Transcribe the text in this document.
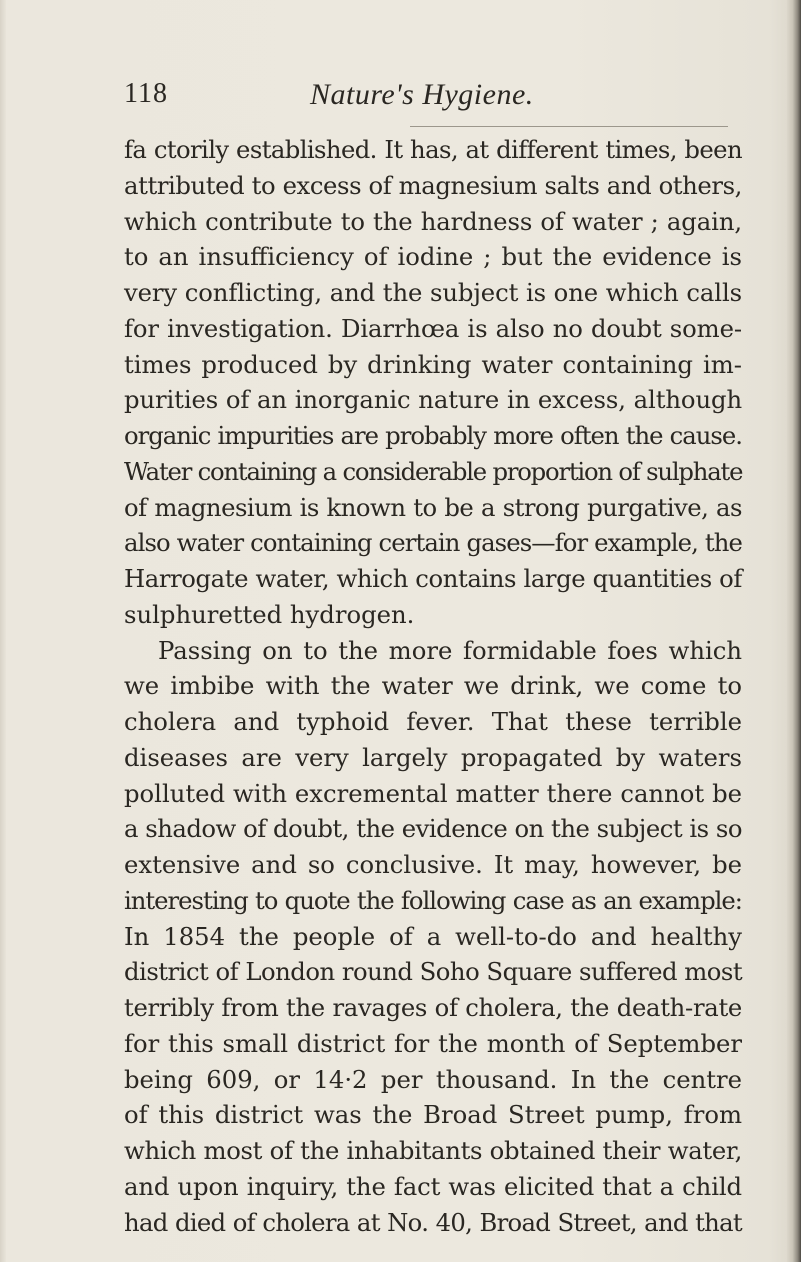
118	Nature's Hygiene.
fa ctorily established. It has, at different times, been
attributed to excess of magnesium salts and others,
which contribute to the hardness of water ; again,
to an insufficiency of iodine ; but the evidence is
very conflicting, and the subject is one which calls
for investigation. Diarrhœa is also no doubt some-
times produced by drinking water containing im-
purities of an inorganic nature in excess, although
organic impurities are probably more often the cause.
Water containing a considerable proportion of sulphate
of magnesium is known to be a strong purgative, as
also water containing certain gases—for example, the
Harrogate water, which contains large quantities of
sulphuretted hydrogen.
Passing on to the more formidable foes which
we imbibe with the water we drink, we come to
cholera and typhoid fever. That these terrible
diseases are very largely propagated by waters
polluted with excremental matter there cannot be
a shadow of doubt, the evidence on the subject is so
extensive and so conclusive. It may, however, be
interesting to quote the following case as an example:
In 1854 the people of a well-to-do and healthy
district of London round Soho Square suffered most
terribly from the ravages of cholera, the death-rate
for this small district for the month of September
being 609, or 14·2 per thousand. In the centre
of this district was the Broad Street pump, from
which most of the inhabitants obtained their water,
and upon inquiry, the fact was elicited that a child
had died of cholera at No. 40, Broad Street, and that
